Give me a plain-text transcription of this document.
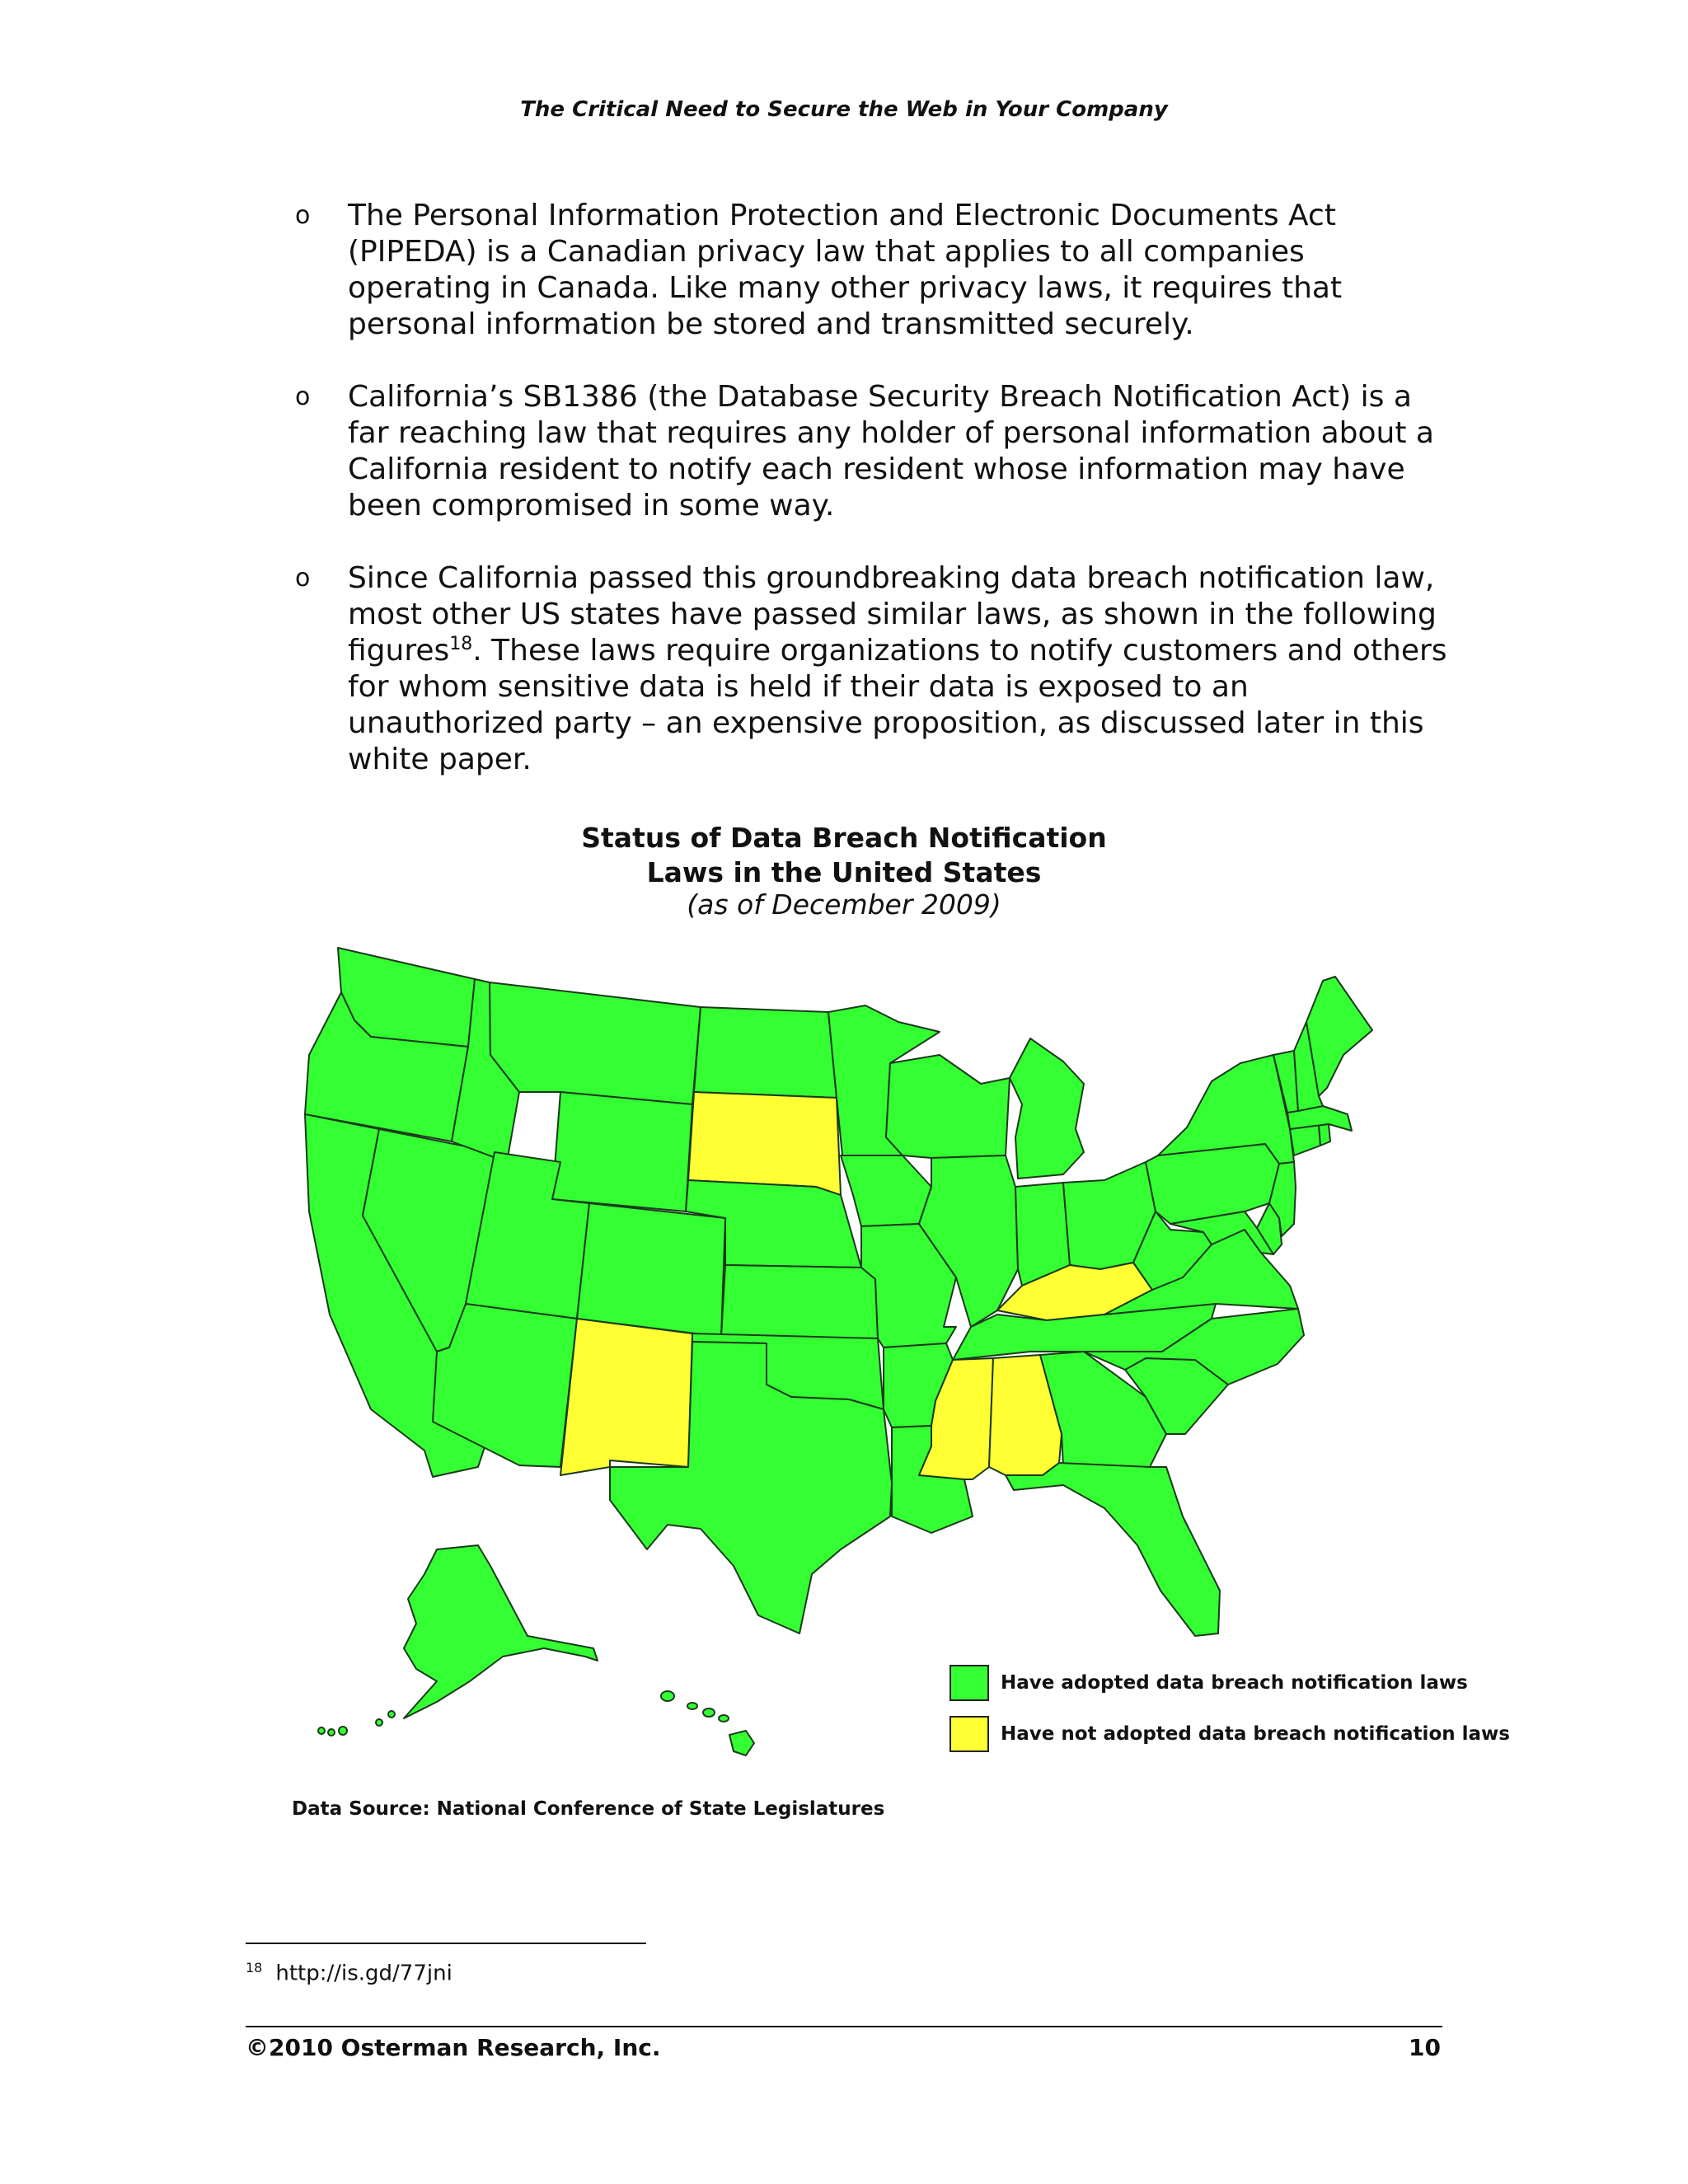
The Critical Need to Secure the Web in Your Company
o The Personal Information Protection and Electronic Documents Act (PIPEDA) is a Canadian privacy law that applies to all companies operating in Canada. Like many other privacy laws, it requires that personal information be stored and transmitted securely.
o California’s SB1386 (the Database Security Breach Notification Act) is a far reaching law that requires any holder of personal information about a California resident to notify each resident whose information may have been compromised in some way.
o Since California passed this groundbreaking data breach notification law, most other US states have passed similar laws, as shown in the following figures$^{18}$. These laws require organizations to notify customers and others for whom sensitive data is held if their data is exposed to an unauthorized party – an expensive proposition, as discussed later in this white paper.
Status of Data Breach Notification
Laws in the United States
(as of December 2009)
Have adopted data breach notification laws
Have not adopted data breach notification laws
Data Source: National Conference of State Legislatures
$^{18}$ http://is.gd/77jni
©2010 Osterman Research, Inc.	10
